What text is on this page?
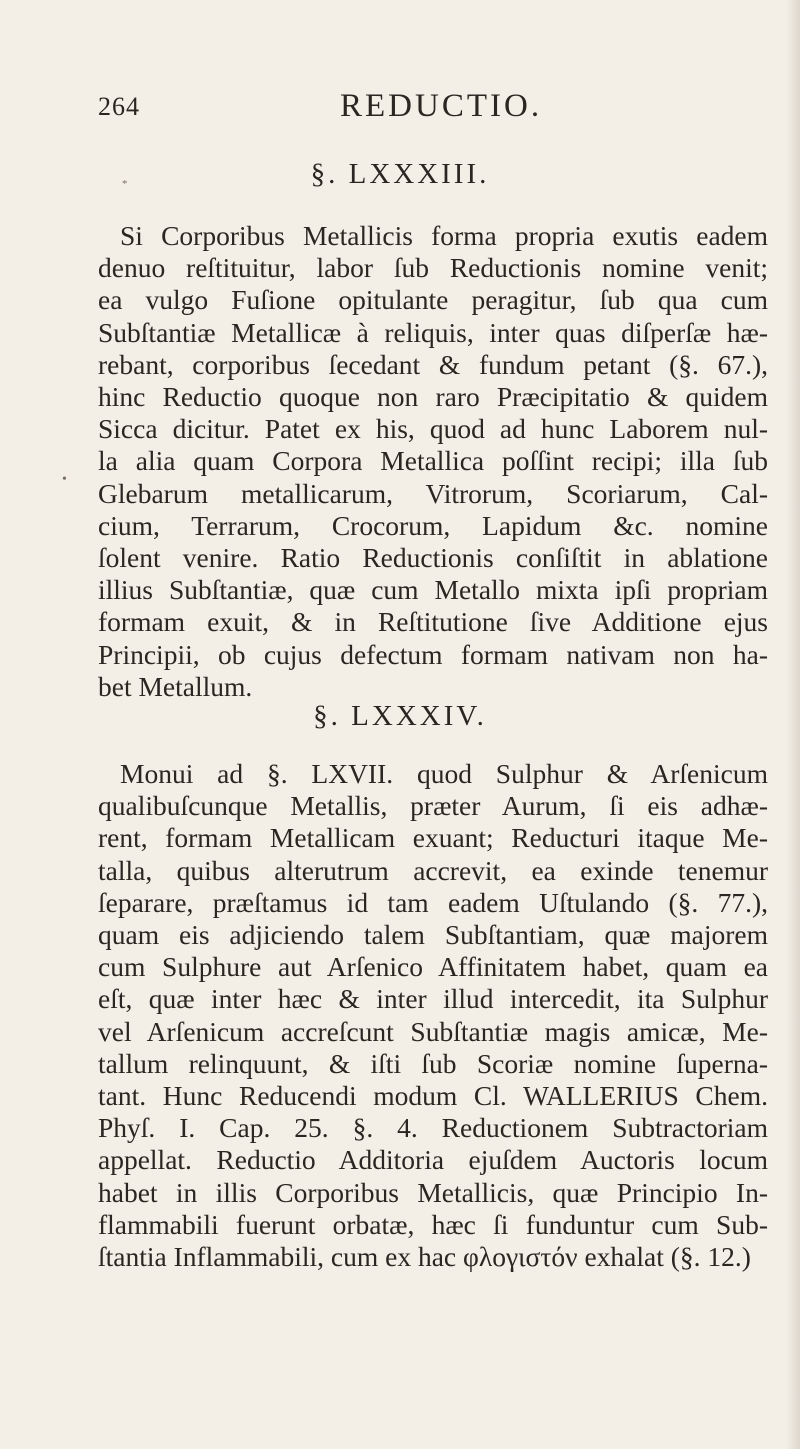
264	REDUCTIO.
*
•
§. LXXXIII.
Si Corporibus Metallicis forma propria exutis eadem
denuo reſtituitur, labor ſub Reductionis nomine venit;
ea vulgo Fuſione opitulante peragitur, ſub qua cum
Subſtantiæ Metallicæ à reliquis, inter quas diſperſæ hæ-
rebant, corporibus ſecedant & fundum petant (§. 67.),
hinc Reductio quoque non raro Præcipitatio & quidem
Sicca dicitur. Patet ex his, quod ad hunc Laborem nul-
la alia quam Corpora Metallica poſſint recipi; illa ſub
Glebarum metallicarum, Vitrorum, Scoriarum, Cal-
cium, Terrarum, Crocorum, Lapidum &c. nomine
ſolent venire. Ratio Reductionis conſiſtit in ablatione
illius Subſtantiæ, quæ cum Metallo mixta ipſi propriam
formam exuit, & in Reſtitutione ſive Additione ejus
Principii, ob cujus defectum formam nativam non ha-
bet Metallum.
§. LXXXIV.
Monui ad §. LXVII. quod Sulphur & Arſenicum
qualibuſcunque Metallis, præter Aurum, ſi eis adhæ-
rent, formam Metallicam exuant; Reducturi itaque Me-
talla, quibus alterutrum accrevit, ea exinde tenemur
ſeparare, præſtamus id tam eadem Uſtulando (§. 77.),
quam eis adjiciendo talem Subſtantiam, quæ majorem
cum Sulphure aut Arſenico Affinitatem habet, quam ea
eſt, quæ inter hæc & inter illud intercedit, ita Sulphur
vel Arſenicum accreſcunt Subſtantiæ magis amicæ, Me-
tallum relinquunt, & iſti ſub Scoriæ nomine ſuperna-
tant. Hunc Reducendi modum Cl. WALLERIUS Chem.
Phyſ. I. Cap. 25. §. 4. Reductionem Subtractoriam
appellat. Reductio Additoria ejuſdem Auctoris locum
habet in illis Corporibus Metallicis, quæ Principio In-
flammabili fuerunt orbatæ, hæc ſi funduntur cum Sub-
ſtantia Inflammabili, cum ex hac φλογιστόν exhalat (§. 12.)
